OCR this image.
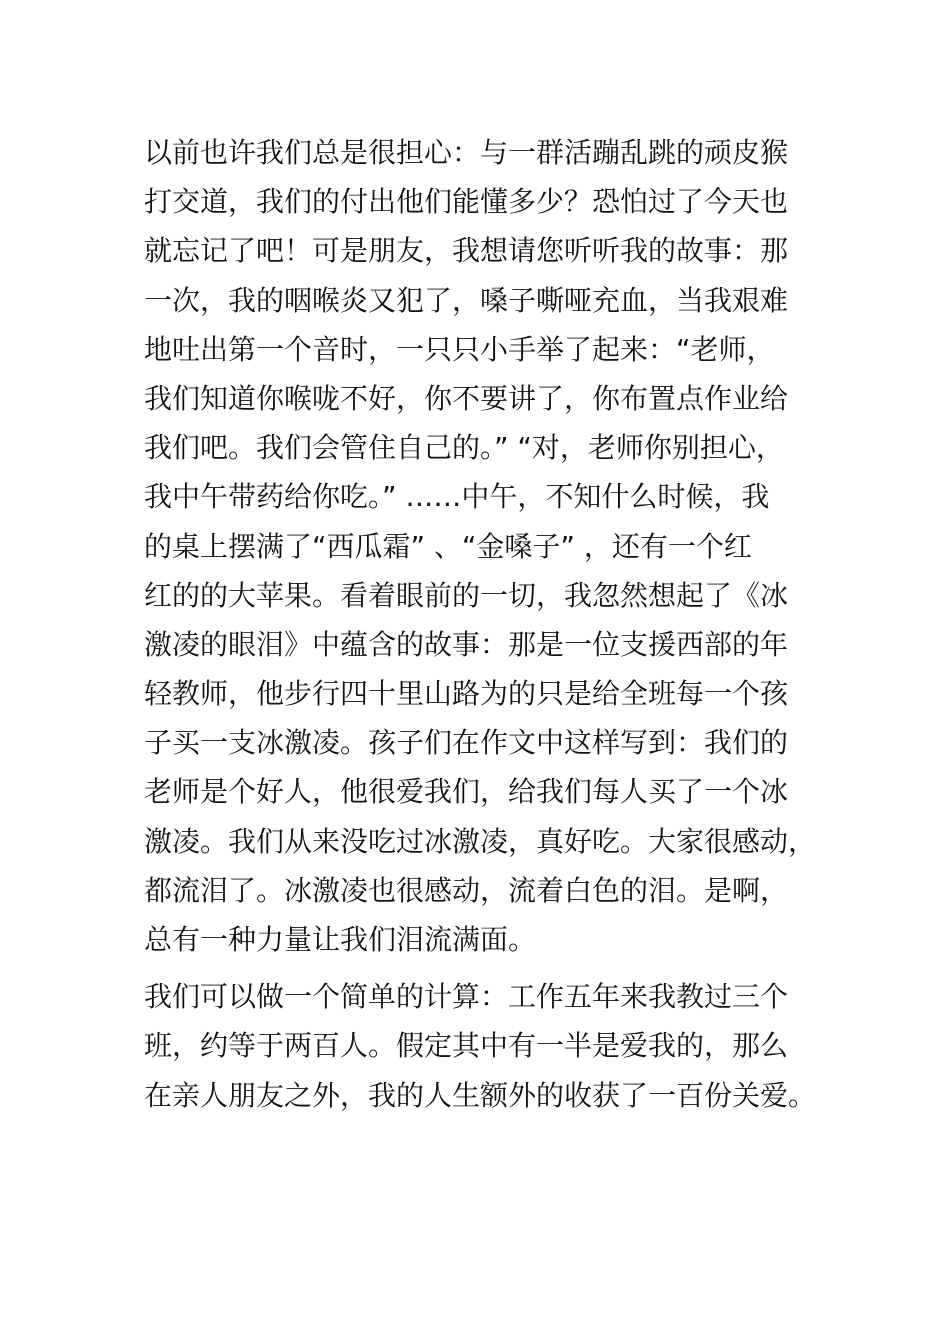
以前也许我们总是很担心：与一群活蹦乱跳的顽皮猴
打交道，我们的付出他们能懂多少？恐怕过了今天也
就忘记了吧！可是朋友，我想请您听听我的故事：那
一次，我的咽喉炎又犯了，嗓子嘶哑充血，当我艰难
地吐出第一个音时，一只只小手举了起来：“老师，
我们知道你喉咙不好，你不要讲了，你布置点作业给
我们吧。我们会管住自己的。” “对，老师你别担心，
我中午带药给你吃。” ……中午，不知什么时候，我
的桌上摆满了“西瓜霜” 、“金嗓子” ，还有一个红
红的的大苹果。看着眼前的一切，我忽然想起了《冰
激凌的眼泪》中蕴含的故事：那是一位支援西部的年
轻教师，他步行四十里山路为的只是给全班每一个孩
子买一支冰激凌。孩子们在作文中这样写到：我们的
老师是个好人，他很爱我们，给我们每人买了一个冰
激凌。我们从来没吃过冰激凌，真好吃。大家很感动，
都流泪了。冰激凌也很感动，流着白色的泪。是啊，
总有一种力量让我们泪流满面。
我们可以做一个简单的计算：工作五年来我教过三个
班，约等于两百人。假定其中有一半是爱我的，那么
在亲人朋友之外，我的人生额外的收获了一百份关爱。
